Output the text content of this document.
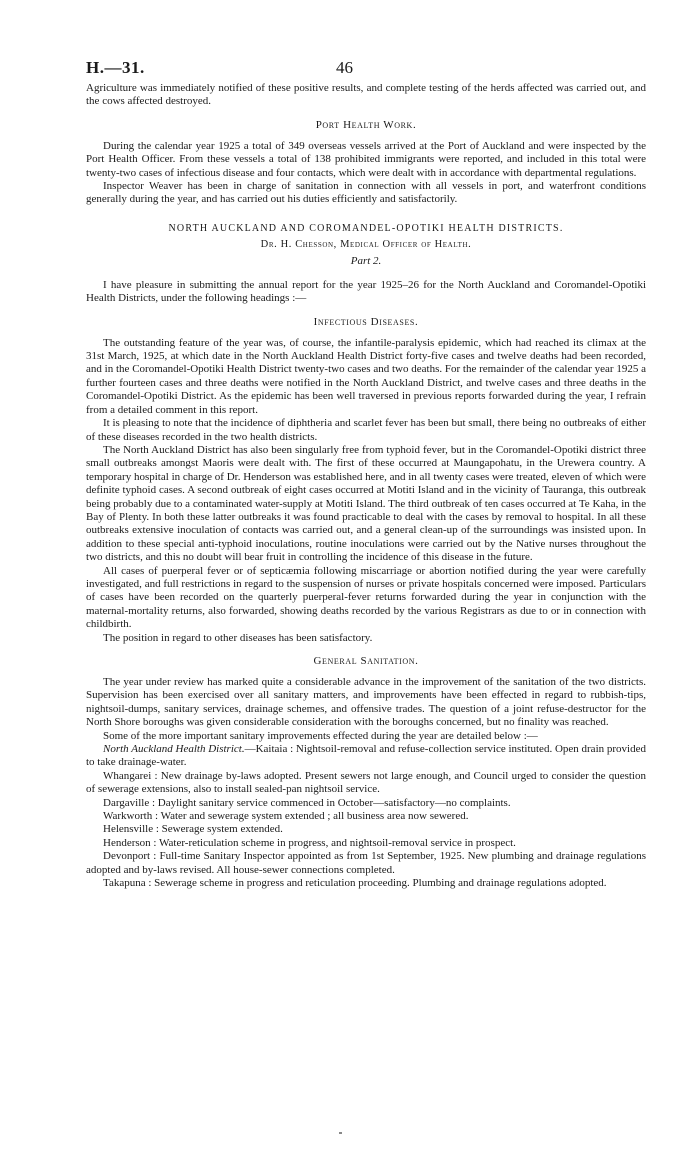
H.—31.	46

Agriculture was immediately notified of these positive results, and complete testing of the herds affected was carried out, and the cows affected destroyed.

Port Health Work.

During the calendar year 1925 a total of 349 overseas vessels arrived at the Port of Auckland and were inspected by the Port Health Officer. From these vessels a total of 138 prohibited immigrants were reported, and included in this total were twenty-two cases of infectious disease and four contacts, which were dealt with in accordance with departmental regulations.

Inspector Weaver has been in charge of sanitation in connection with all vessels in port, and waterfront conditions generally during the year, and has carried out his duties efficiently and satisfactorily.

NORTH AUCKLAND AND COROMANDEL-OPOTIKI HEALTH DISTRICTS.
Dr. H. Chesson, Medical Officer of Health.
Part 2.

I have pleasure in submitting the annual report for the year 1925–26 for the North Auckland and Coromandel-Opotiki Health Districts, under the following headings :—

Infectious Diseases.

The outstanding feature of the year was, of course, the infantile-paralysis epidemic, which had reached its climax at the 31st March, 1925, at which date in the North Auckland Health District forty-five cases and twelve deaths had been recorded, and in the Coromandel-Opotiki Health District twenty-two cases and two deaths. For the remainder of the calendar year 1925 a further fourteen cases and three deaths were notified in the North Auckland District, and twelve cases and three deaths in the Coromandel-Opotiki District. As the epidemic has been well traversed in previous reports forwarded during the year, I refrain from a detailed comment in this report.

It is pleasing to note that the incidence of diphtheria and scarlet fever has been but small, there being no outbreaks of either of these diseases recorded in the two health districts.

The North Auckland District has also been singularly free from typhoid fever, but in the Coromandel-Opotiki district three small outbreaks amongst Maoris were dealt with. The first of these occurred at Maungapohatu, in the Urewera country. A temporary hospital in charge of Dr. Henderson was established here, and in all twenty cases were treated, eleven of which were definite typhoid cases. A second outbreak of eight cases occurred at Motiti Island and in the vicinity of Tauranga, this outbreak being probably due to a contaminated water-supply at Motiti Island. The third outbreak of ten cases occurred at Te Kaha, in the Bay of Plenty. In both these latter outbreaks it was found practicable to deal with the cases by removal to hospital. In all these outbreaks extensive inoculation of contacts was carried out, and a general clean-up of the surroundings was insisted upon. In addition to these special anti-typhoid inoculations, routine inoculations were carried out by the Native nurses throughout the two districts, and this no doubt will bear fruit in controlling the incidence of this disease in the future.

All cases of puerperal fever or of septicæmia following miscarriage or abortion notified during the year were carefully investigated, and full restrictions in regard to the suspension of nurses or private hospitals concerned were imposed. Particulars of cases have been recorded on the quarterly puerperal-fever returns forwarded during the year in conjunction with the maternal-mortality returns, also forwarded, showing deaths recorded by the various Registrars as due to or in connection with childbirth.

The position in regard to other diseases has been satisfactory.

General Sanitation.

The year under review has marked quite a considerable advance in the improvement of the sanitation of the two districts. Supervision has been exercised over all sanitary matters, and improvements have been effected in regard to rubbish-tips, nightsoil-dumps, sanitary services, drainage schemes, and offensive trades. The question of a joint refuse-destructor for the North Shore boroughs was given considerable consideration with the boroughs concerned, but no finality was reached.

Some of the more important sanitary improvements effected during the year are detailed below :—

North Auckland Health District.—Kaitaia : Nightsoil-removal and refuse-collection service instituted. Open drain provided to take drainage-water.

Whangarei : New drainage by-laws adopted. Present sewers not large enough, and Council urged to consider the question of sewerage extensions, also to install sealed-pan nightsoil service.

Dargaville : Daylight sanitary service commenced in October—satisfactory—no complaints.

Warkworth : Water and sewerage system extended ; all business area now sewered.

Helensville : Sewerage system extended.

Henderson : Water-reticulation scheme in progress, and nightsoil-removal service in prospect.

Devonport : Full-time Sanitary Inspector appointed as from 1st September, 1925. New plumbing and drainage regulations adopted and by-laws revised. All house-sewer connections completed.

Takapuna : Sewerage scheme in progress and reticulation proceeding. Plumbing and drainage regulations adopted.
